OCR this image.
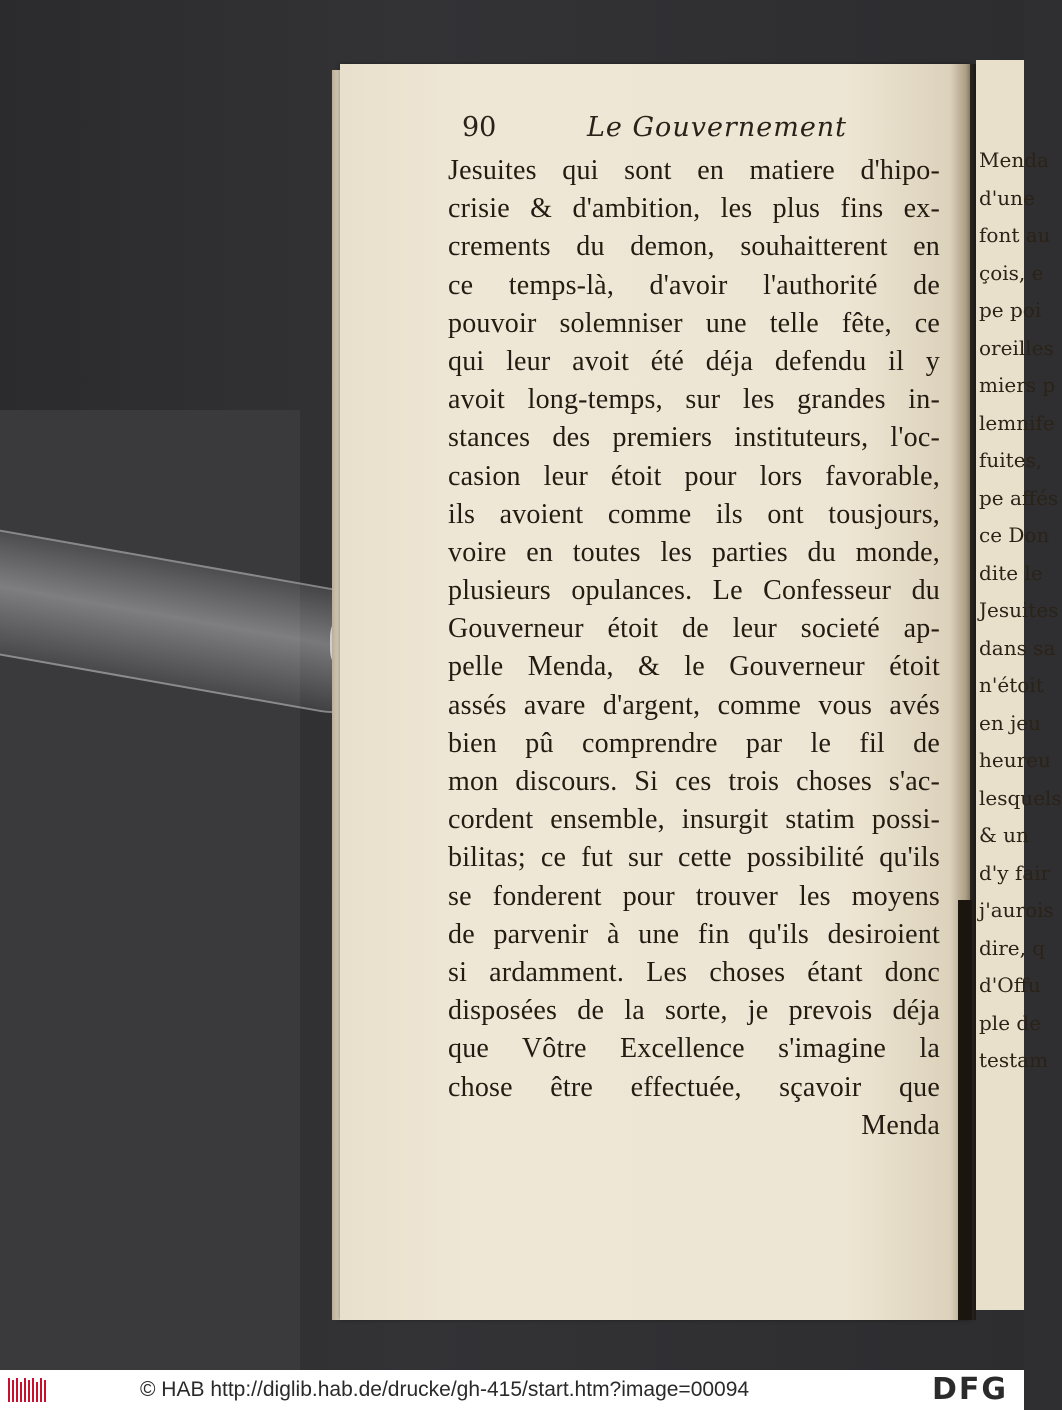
Menda
d'une
font au
çois, e
pe poi
oreilles
miers p
lemnife
fuites,
pe affés
ce Don
dite le
Jesuites
dans sa
n'étoit
en jeu
heureu
lesquels
& un
d'y fair
j'aurois
dire, q
d'Offu
ple de
testam
90	Le Gouvernement
Jesuites qui sont en matiere d'hipo-
crisie & d'ambition, les plus fins ex-
crements du demon, souhaitterent en
ce temps-là, d'avoir l'authorité de
pouvoir solemniser une telle fête, ce
qui leur avoit été déja defendu il y
avoit long-temps, sur les grandes in-
stances des premiers instituteurs, l'oc-
casion leur étoit pour lors favorable,
ils avoient comme ils ont tousjours,
voire en toutes les parties du monde,
plusieurs opulances. Le Confesseur du
Gouverneur étoit de leur societé ap-
pelle Menda, & le Gouverneur étoit
assés avare d'argent, comme vous avés
bien pû comprendre par le fil de
mon discours. Si ces trois choses s'ac-
cordent ensemble, insurgit statim possi-
bilitas; ce fut sur cette possibilité qu'ils
se fonderent pour trouver les moyens
de parvenir à une fin qu'ils desiroient
si ardamment. Les choses étant donc
disposées de la sorte, je prevois déja
que Vôtre Excellence s'imagine la
chose être effectuée, sçavoir que
Menda
© HAB http://diglib.hab.de/drucke/gh-415/start.htm?image=00094	DFG
